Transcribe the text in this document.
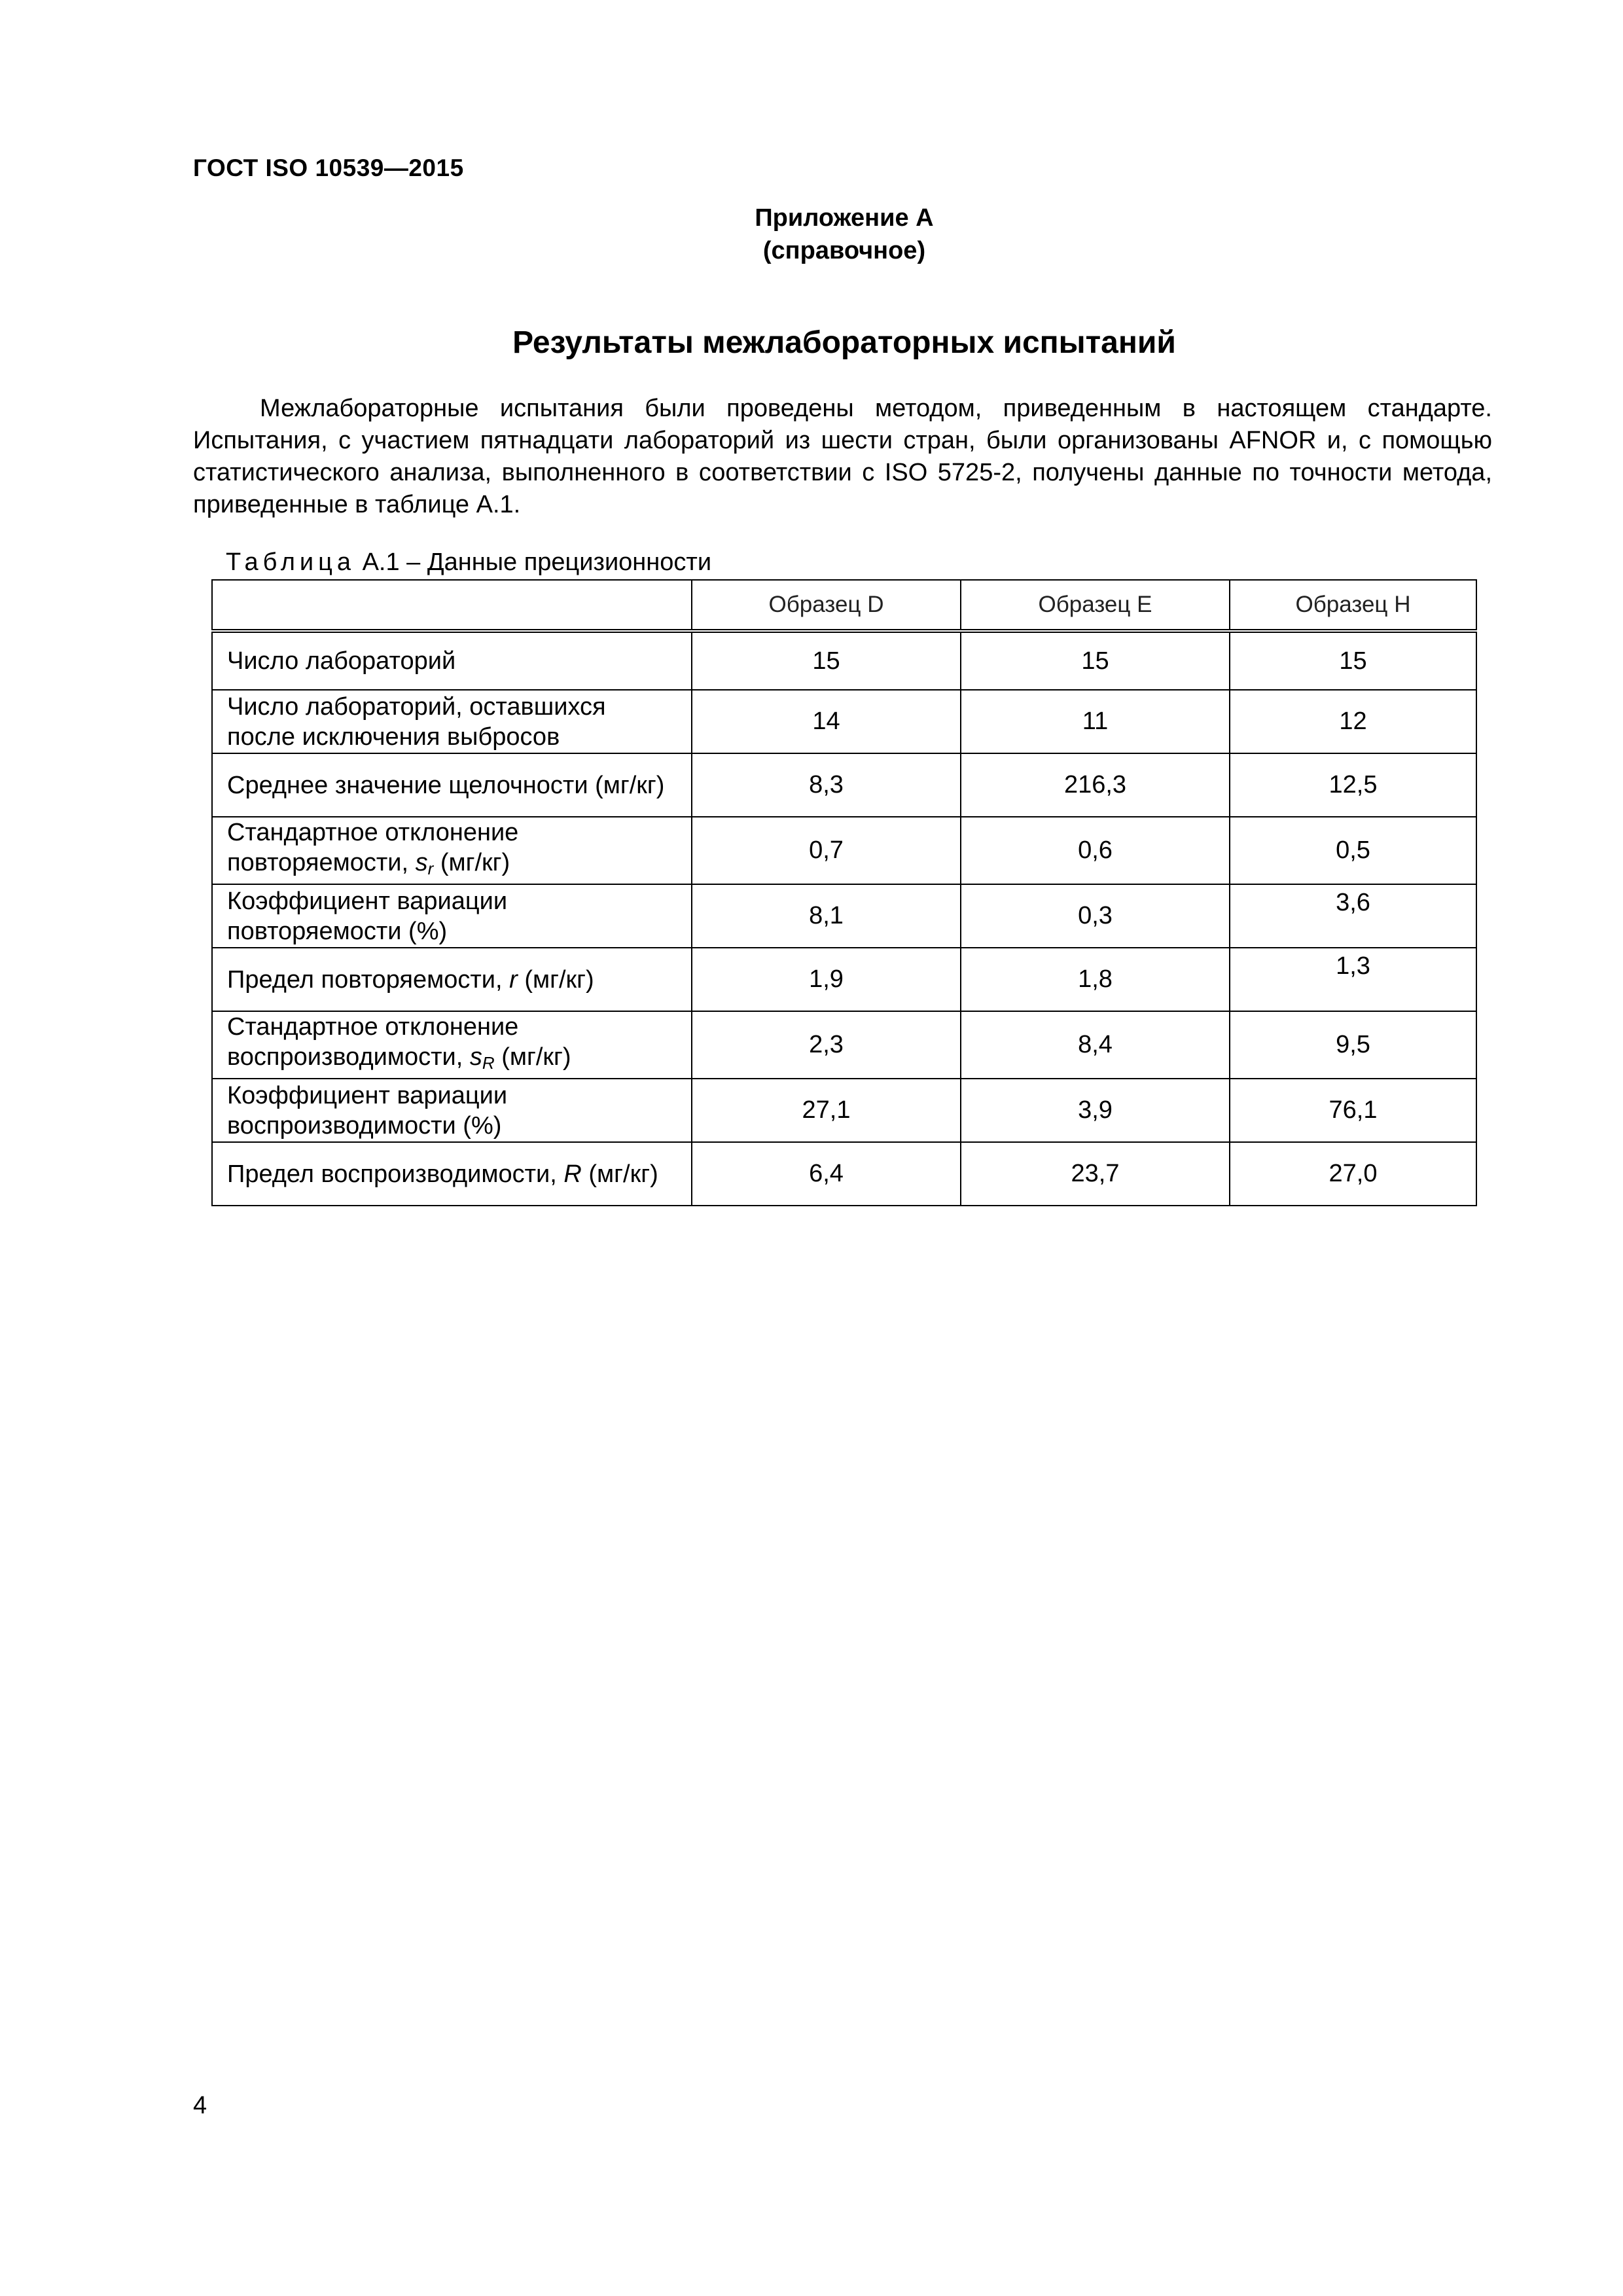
ГОСТ ISO 10539—2015
Приложение А
(справочное)
Результаты межлабораторных испытаний
Межлабораторные испытания были проведены методом, приведенным в настоящем стандарте. Испытания, с участием пятнадцати лабораторий из шести стран, были организованы AFNOR и, с помощью статистического анализа, выполненного в соответствии с ISO 5725-2, получены данные по точности метода, приведенные в таблице А.1.
Таблица А.1 – Данные прецизионности
	Образец D	Образец E	Образец H
Число лабораторий	15	15	15
Число лабораторий, оставшихся после исключения выбросов	14	11	12
Среднее значение щелочности (мг/кг)	8,3	216,3	12,5
Стандартное отклонение повторяемости, $s_r$ (мг/кг)	0,7	0,6	0,5
Коэффициент вариации повторяемости (%)	8,1	0,3	3,6
Предел повторяемости, r (мг/кг)	1,9	1,8	1,3
Стандартное отклонение воспроизводимости, $s_R$ (мг/кг)	2,3	8,4	9,5
Коэффициент вариации воспроизводимости (%)	27,1	3,9	76,1
Предел воспроизводимости, R (мг/кг)	6,4	23,7	27,0
4
